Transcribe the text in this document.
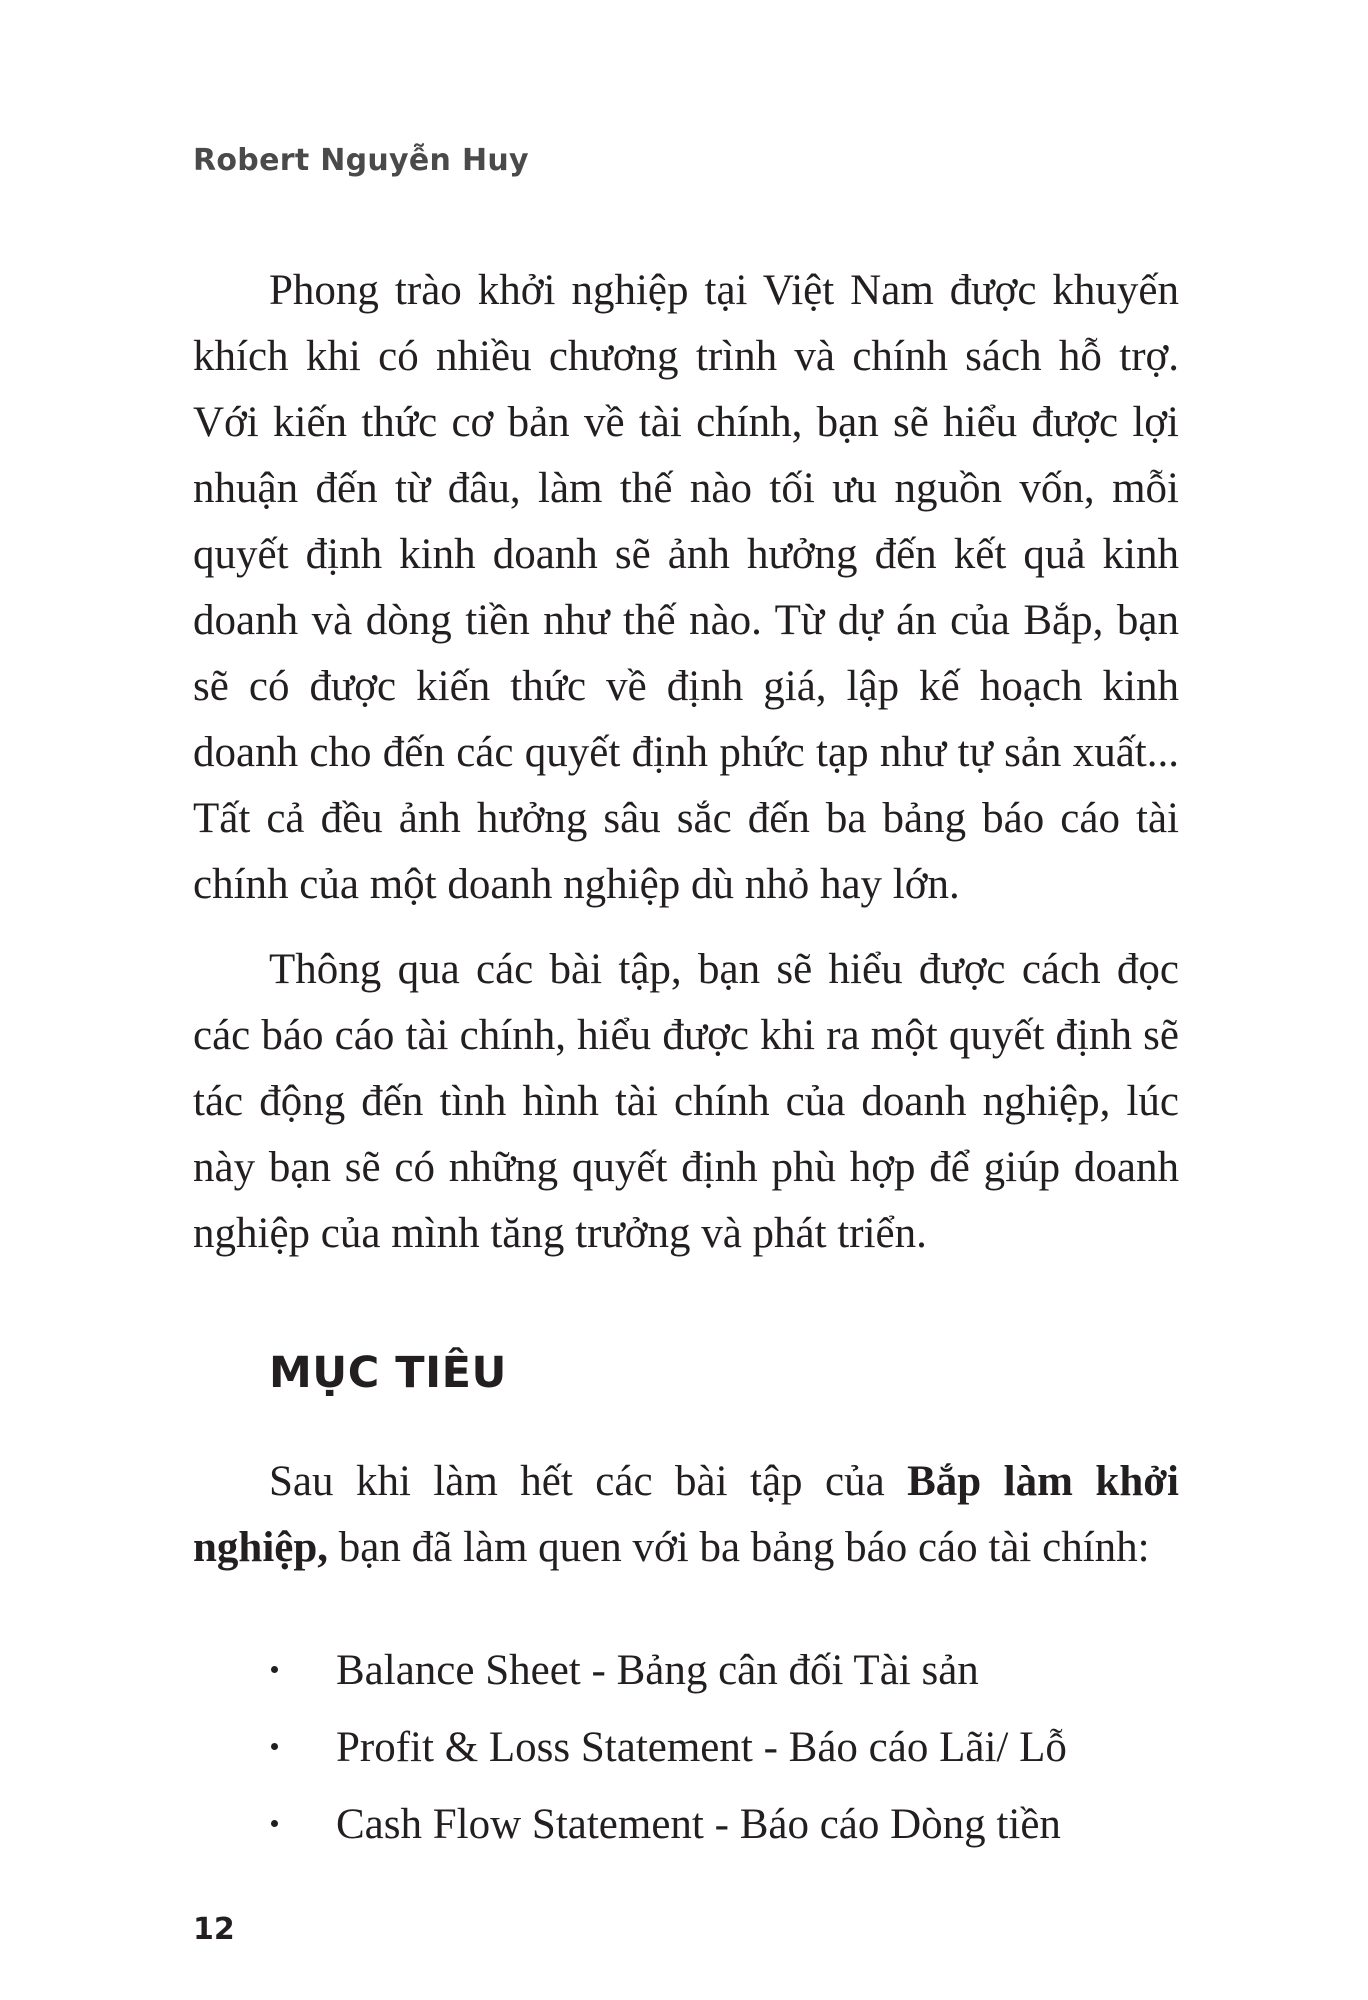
Robert Nguyễn Huy

Phong trào khởi nghiệp tại Việt Nam được khuyến khích khi có nhiều chương trình và chính sách hỗ trợ. Với kiến thức cơ bản về tài chính, bạn sẽ hiểu được lợi nhuận đến từ đâu, làm thế nào tối ưu nguồn vốn, mỗi quyết định kinh doanh sẽ ảnh hưởng đến kết quả kinh doanh và dòng tiền như thế nào. Từ dự án của Bắp, bạn sẽ có được kiến thức về định giá, lập kế hoạch kinh doanh cho đến các quyết định phức tạp như tự sản xuất... Tất cả đều ảnh hưởng sâu sắc đến ba bảng báo cáo tài chính của một doanh nghiệp dù nhỏ hay lớn.

Thông qua các bài tập, bạn sẽ hiểu được cách đọc các báo cáo tài chính, hiểu được khi ra một quyết định sẽ tác động đến tình hình tài chính của doanh nghiệp, lúc này bạn sẽ có những quyết định phù hợp để giúp doanh nghiệp của mình tăng trưởng và phát triển.

MỤC TIÊU

Sau khi làm hết các bài tập của Bắp làm khởi nghiệp, bạn đã làm quen với ba bảng báo cáo tài chính:

Balance Sheet - Bảng cân đối Tài sản
Profit & Loss Statement - Báo cáo Lãi/ Lỗ
Cash Flow Statement - Báo cáo Dòng tiền
12
